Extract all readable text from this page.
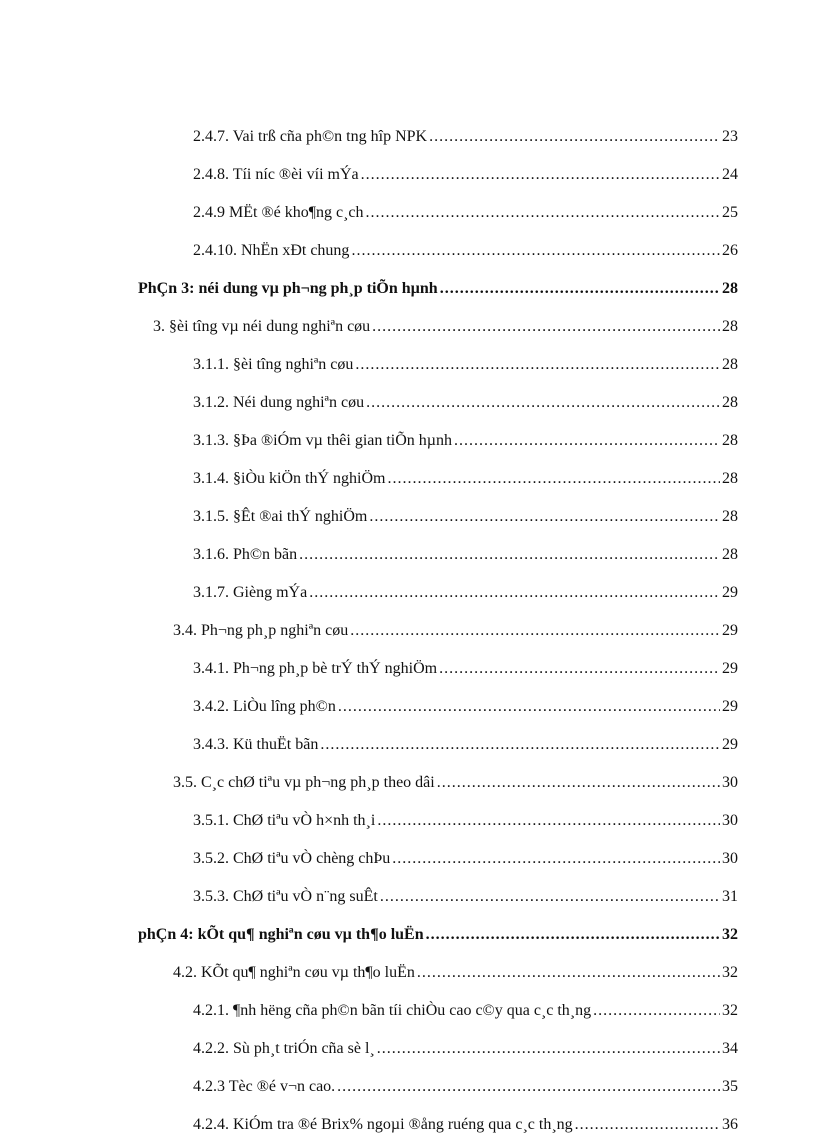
2.4.7. Vai trß cña ph©n tng hîp NPK .....	23
2.4.8. Tíi níc ®èi víi mÝa .....	24
2.4.9 MËt ®é kho¶ng c¸ch .....	25
2.4.10. NhËn xÐt chung .....	26
PhÇn 3: néi dung vµ ph¬ng ph¸p tiÕn hµnh .....	28
3. §èi tîng vµ néi dung nghiªn cøu .....	28
3.1.1. §èi tîng nghiªn cøu .....	28
3.1.2. Néi dung nghiªn cøu .....	28
3.1.3. §Þa ®iÓm vµ thêi gian tiÕn hµnh .....	28
3.1.4. §iÒu kiÖn thÝ nghiÖm .....	28
3.1.5. §Êt ®ai thÝ nghiÖm .....	28
3.1.6. Ph©n bãn .....	28
3.1.7. Gièng mÝa .....	29
3.4. Ph¬ng ph¸p nghiªn cøu .....	29
3.4.1. Ph¬ng ph¸p bè trÝ thÝ nghiÖm .....	29
3.4.2. LiÒu lîng ph©n .....	29
3.4.3. Kü thuËt bãn .....	29
3.5. C¸c chØ tiªu vµ ph¬ng ph¸p theo dâi .....	30
3.5.1. ChØ tiªu vÒ h×nh th¸i .....	30
3.5.2. ChØ tiªu vÒ chèng chÞu .....	30
3.5.3. ChØ tiªu vÒ n¨ng suÊt .....	31
phÇn 4: kÕt qu¶ nghiªn cøu vµ th¶o luËn .....	32
4.2. KÕt qu¶ nghiªn cøu vµ th¶o luËn .....	32
4.2.1. ¶nh hëng cña ph©n bãn tíi chiÒu cao c©y qua c¸c th¸ng .....	32
4.2.2. Sù ph¸t triÓn cña sè l¸ .....	34
4.2.3 Tèc ®é v¬n cao. .....	35
4.2.4. KiÓm tra ®é Brix% ngoµi ®ång ruéng qua c¸c th¸ng .....	36
